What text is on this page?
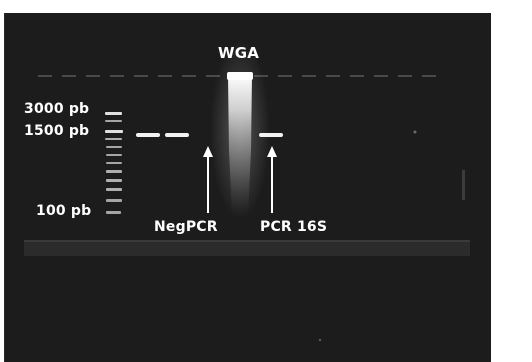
WGA
3000 pb
1500 pb
100 pb
NegPCR	PCR 16S
